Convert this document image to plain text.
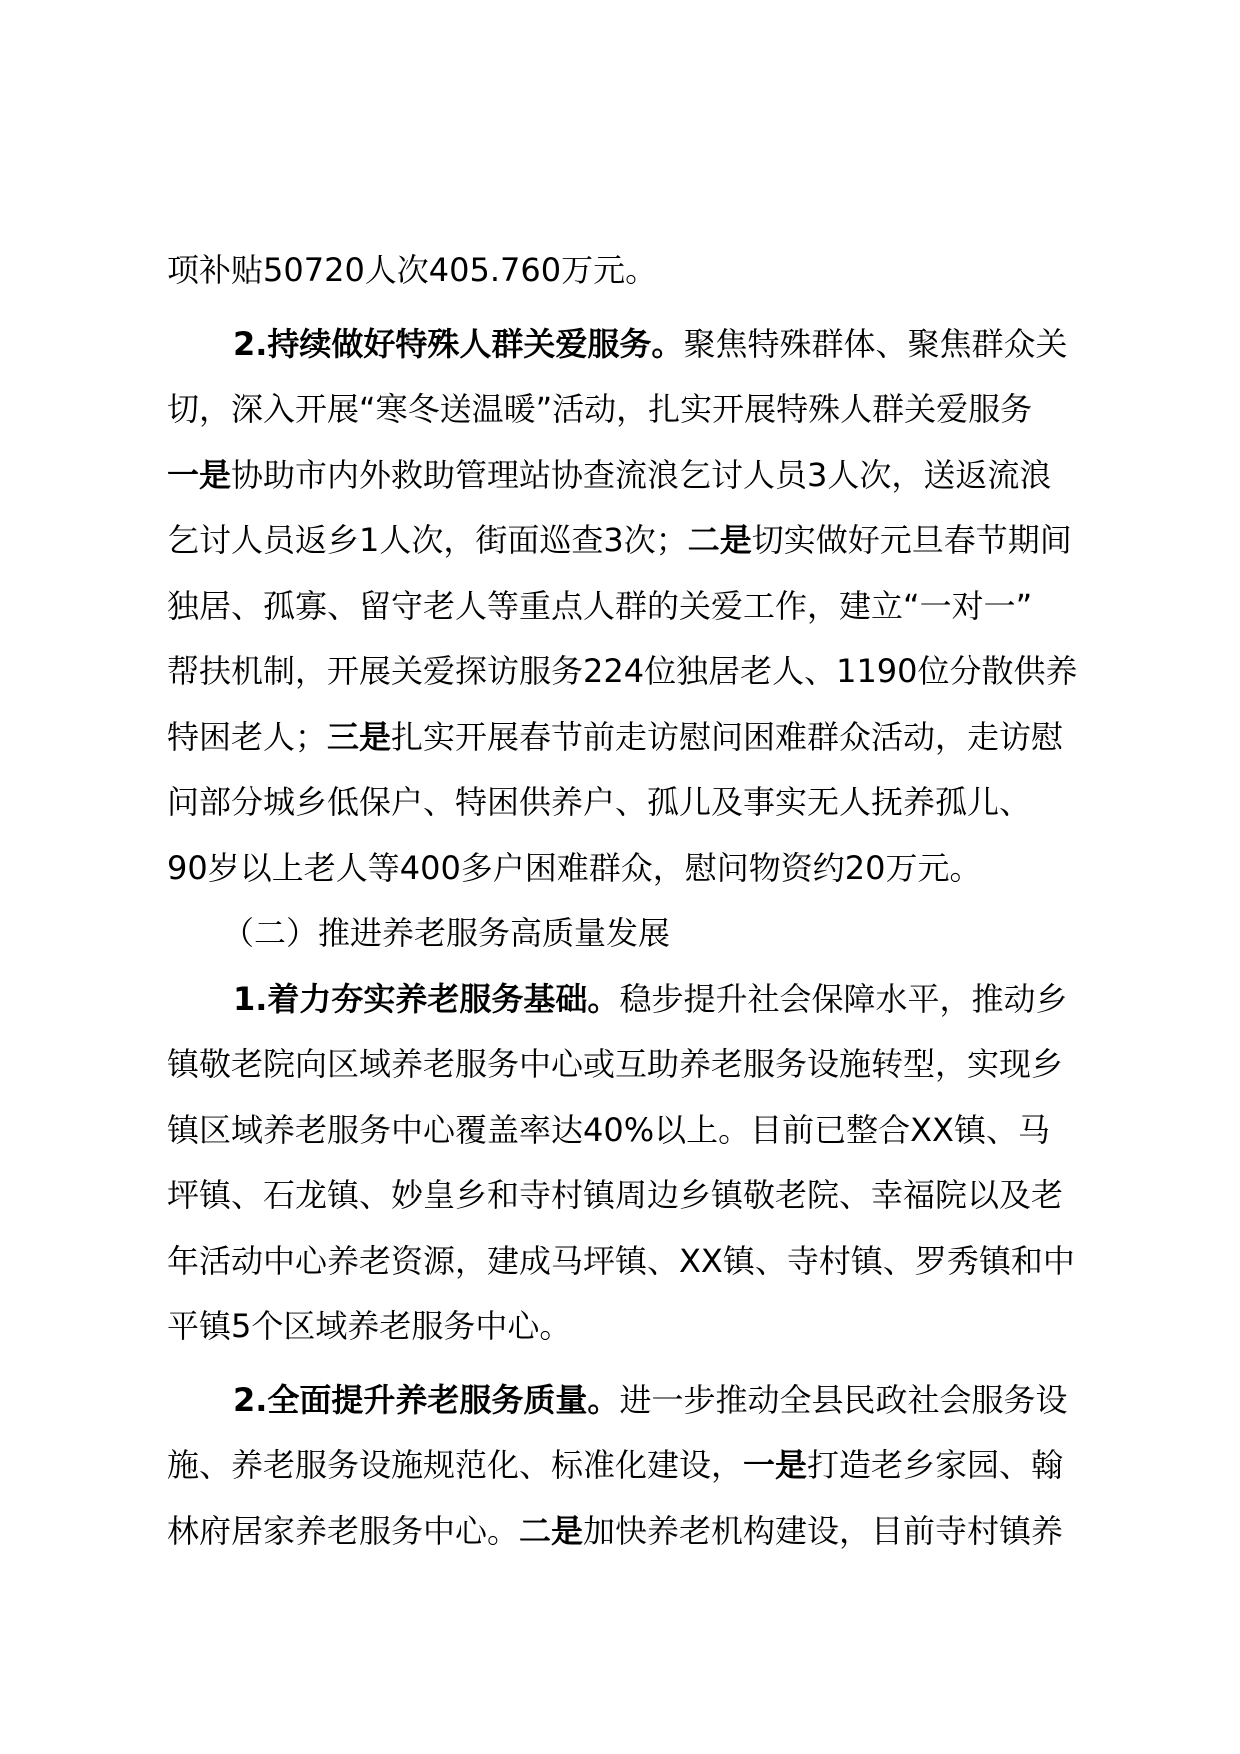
项补贴50720人次405.760万元。
2.持续做好特殊人群关爱服务。聚焦特殊群体、聚焦群众关
切，深入开展“寒冬送温暖”活动，扎实开展特殊人群关爱服务
一是协助市内外救助管理站协查流浪乞讨人员3人次，送返流浪
乞讨人员返乡1人次，街面巡查3次；二是切实做好元旦春节期间
独居、孤寡、留守老人等重点人群的关爱工作，建立“一对一”
帮扶机制，开展关爱探访服务224位独居老人、1190位分散供养
特困老人；三是扎实开展春节前走访慰问困难群众活动，走访慰
问部分城乡低保户、特困供养户、孤儿及事实无人抚养孤儿、
90岁以上老人等400多户困难群众，慰问物资约20万元。
（二）推进养老服务高质量发展
1.着力夯实养老服务基础。稳步提升社会保障水平，推动乡
镇敬老院向区域养老服务中心或互助养老服务设施转型，实现乡
镇区域养老服务中心覆盖率达40%以上。目前已整合XX镇、马
坪镇、石龙镇、妙皇乡和寺村镇周边乡镇敬老院、幸福院以及老
年活动中心养老资源，建成马坪镇、XX镇、寺村镇、罗秀镇和中
平镇5个区域养老服务中心。
2.全面提升养老服务质量。进一步推动全县民政社会服务设
施、养老服务设施规范化、标准化建设，一是打造老乡家园、翰
林府居家养老服务中心。二是加快养老机构建设，目前寺村镇养
